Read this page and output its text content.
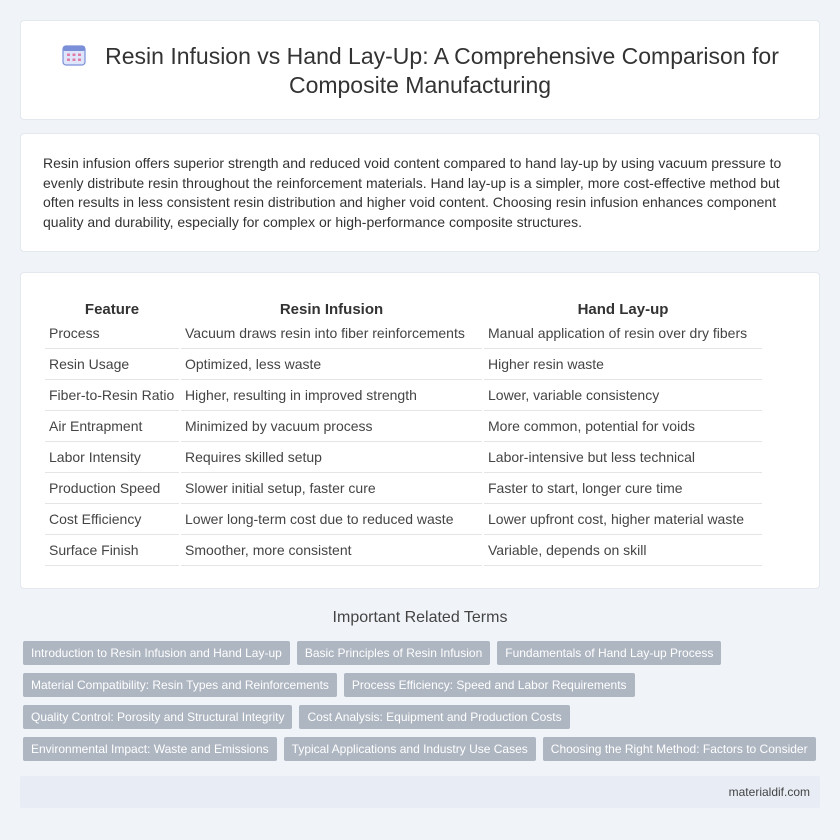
Resin Infusion vs Hand Lay-Up: A Comprehensive Comparison for Composite Manufacturing

Resin infusion offers superior strength and reduced void content compared to hand lay-up by using vacuum pressure to evenly distribute resin throughout the reinforcement materials. Hand lay-up is a simpler, more cost-effective method but often results in less consistent resin distribution and higher void content. Choosing resin infusion enhances component quality and durability, especially for complex or high-performance composite structures.

Feature	Resin Infusion	Hand Lay-up
Process	Vacuum draws resin into fiber reinforcements	Manual application of resin over dry fibers
Resin Usage	Optimized, less waste	Higher resin waste
Fiber-to-Resin Ratio	Higher, resulting in improved strength	Lower, variable consistency
Air Entrapment	Minimized by vacuum process	More common, potential for voids
Labor Intensity	Requires skilled setup	Labor-intensive but less technical
Production Speed	Slower initial setup, faster cure	Faster to start, longer cure time
Cost Efficiency	Lower long-term cost due to reduced waste	Lower upfront cost, higher material waste
Surface Finish	Smoother, more consistent	Variable, depends on skill
Important Related Terms
Introduction to Resin Infusion and Hand Lay-up	Basic Principles of Resin Infusion	Fundamentals of Hand Lay-up Process
Material Compatibility: Resin Types and Reinforcements	Process Efficiency: Speed and Labor Requirements
Quality Control: Porosity and Structural Integrity	Cost Analysis: Equipment and Production Costs
Environmental Impact: Waste and Emissions	Typical Applications and Industry Use Cases	Choosing the Right Method: Factors to Consider
materialdif.com
